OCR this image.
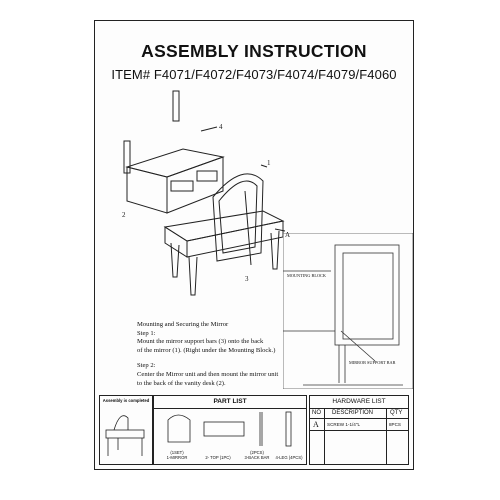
ASSEMBLY INSTRUCTION
ITEM# F4071/F4072/F4073/F4074/F4079/F4060
4
1
2
3
A
MOUNTING BLOCK
MIRROR SUPPORT BAR

Mounting and Securing the Mirror

Step 1:

Mount the mirror support bars (3) onto the back

of the mirror (1). (Right under the Mounting Block.)

Step 2:

Center the Mirror unit and then mount the mirror unit

to the back of the vanity desk (2).

Assembly is completed	PART LIST
(1SET)
1-MIRROR	2- TOP (1PC)
(2PCS)
3-BACK BAR	4-LEG (4PCS)
HARDWARE LIST
NO DESCRIPTION	QTY
A SCREW 1-1/4"L	8PCS
